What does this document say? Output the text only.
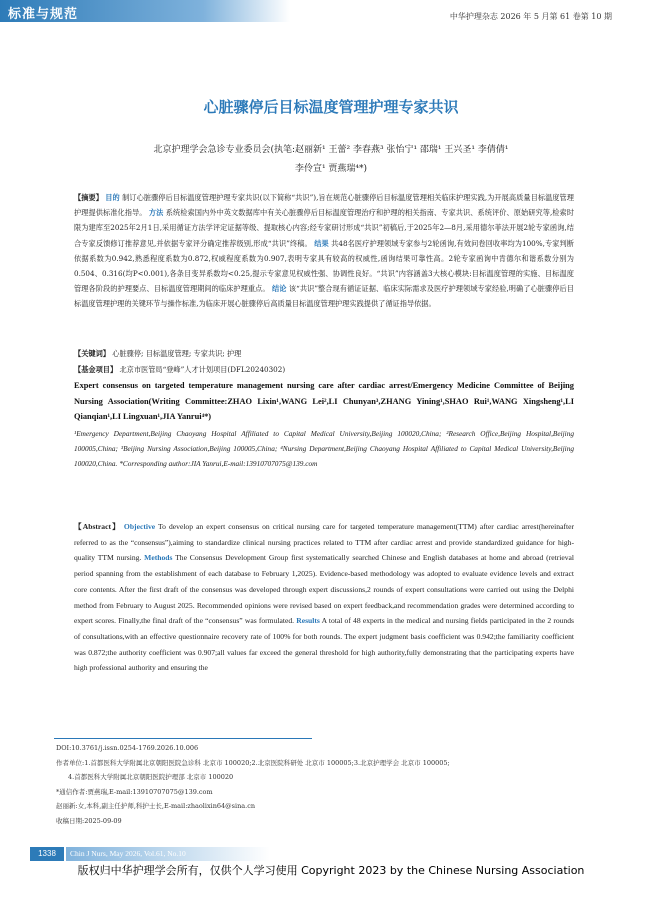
标准与规范	中华护理杂志 2026 年 5 月第 61 卷第 10 期
心脏骤停后目标温度管理护理专家共识
北京护理学会急诊专业委员会(执笔:赵丽新¹ 王蕾² 李春燕³ 张怡宁¹ 邵瑞¹ 王兴圣¹ 李倩倩¹
李伶宣¹ 贾燕瑞⁴*)

【摘要】 目的 制订心脏骤停后目标温度管理护理专家共识(以下简称“共识”),旨在规范心脏骤停后目标温度管理相关临床护理实践,为开展高质量目标温度管理护理提供标准化指导。 方法 系统检索国内外中英文数据库中有关心脏骤停后目标温度管理治疗和护理的相关指南、专家共识、系统评价、原始研究等,检索时限为建库至2025年2月1日,采用循证方法学评定证据等级、提取核心内容;经专家研讨形成“共识”初稿后,于2025年2—8月,采用德尔菲法开展2轮专家函询,结合专家反馈修订推荐意见,并依据专家评分确定推荐级别,形成“共识”终稿。 结果 共48名医疗护理领域专家参与2轮函询,有效问卷回收率均为100%,专家判断依据系数为0.942,熟悉程度系数为0.872,权威程度系数为0.907,表明专家具有较高的权威性,函询结果可靠性高。2轮专家函询中肯德尔和谐系数分别为0.504、0.316(均P<0.001),各条目变异系数均<0.25,提示专家意见权威性强、协调性良好。“共识”内容涵盖3大核心模块:目标温度管理的实施、目标温度管理各阶段的护理要点、目标温度管理期间的临床护理重点。 结论 该“共识”整合现有循证证据、临床实际需求及医疗护理领域专家经验,明确了心脏骤停后目标温度管理护理的关键环节与操作标准,为临床开展心脏骤停后高质量目标温度管理护理实践提供了循证指导依据。

【关键词】 心脏骤停; 目标温度管理; 专家共识; 护理

【基金项目】 北京市医管局“登峰”人才计划项目(DFL20240302)

Expert consensus on targeted temperature management nursing care after cardiac arrest/Emergency Medicine Committee of Beijing Nursing Association(Writing Committee:ZHAO Lixin¹,WANG Lei²,LI Chunyan³,ZHANG Yining¹,SHAO Rui¹,WANG Xingsheng¹,LI Qianqian¹,LI Lingxuan¹,JIA Yanrui⁴*)
¹Emergency Department,Beijing Chaoyang Hospital Affiliated to Capital Medical University,Beijing 100020,China; ²Research Office,Beijing Hospital,Beijing 100005,China; ³Beijing Nursing Association,Beijing 100005,China; ⁴Nursing Department,Beijing Chaoyang Hospital Affiliated to Capital Medical University,Beijing 100020,China. *Corresponding author:JIA Yanrui,E-mail:13910707075@139.com
【Abstract】 Objective To develop an expert consensus on critical nursing care for targeted temperature management(TTM) after cardiac arrest(hereinafter referred to as the “consensus”),aiming to standardize clinical nursing practices related to TTM after cardiac arrest and provide standardized guidance for high-quality TTM nursing. Methods The Consensus Development Group first systematically searched Chinese and English databases at home and abroad (retrieval period spanning from the establishment of each database to February 1,2025). Evidence-based methodology was adopted to evaluate evidence levels and extract core contents. After the first draft of the consensus was developed through expert discussions,2 rounds of expert consultations were carried out using the Delphi method from February to August 2025. Recommended opinions were revised based on expert feedback,and recommendation grades were determined according to expert scores. Finally,the final draft of the “consensus” was formulated. Results A total of 48 experts in the medical and nursing fields participated in the 2 rounds of consultations,with an effective questionnaire recovery rate of 100% for both rounds. The expert judgment basis coefficient was 0.942;the familiarity coefficient was 0.872;the authority coefficient was 0.907;all values far exceed the general threshold for high authority,fully demonstrating that the participating experts have high professional authority and ensuring the
DOI:10.3761/j.issn.0254-1769.2026.10.006
作者单位:1.首都医科大学附属北京朝阳医院急诊科 北京市 100020;2.北京医院科研处 北京市 100005;3.北京护理学会 北京市 100005;
4.首都医科大学附属北京朝阳医院护理部 北京市 100020
*通信作者:贾燕瑞,E-mail:13910707075@139.com
赵丽新:女,本科,副主任护师,科护士长,E-mail:zhaolixin64@sina.cn
收稿日期:2025-09-09
1338	Chin J Nurs, May 2026, Vol.61, No.10
版权归中华护理学会所有，仅供个人学习使用 Copyright 2023 by the Chinese Nursing Association
